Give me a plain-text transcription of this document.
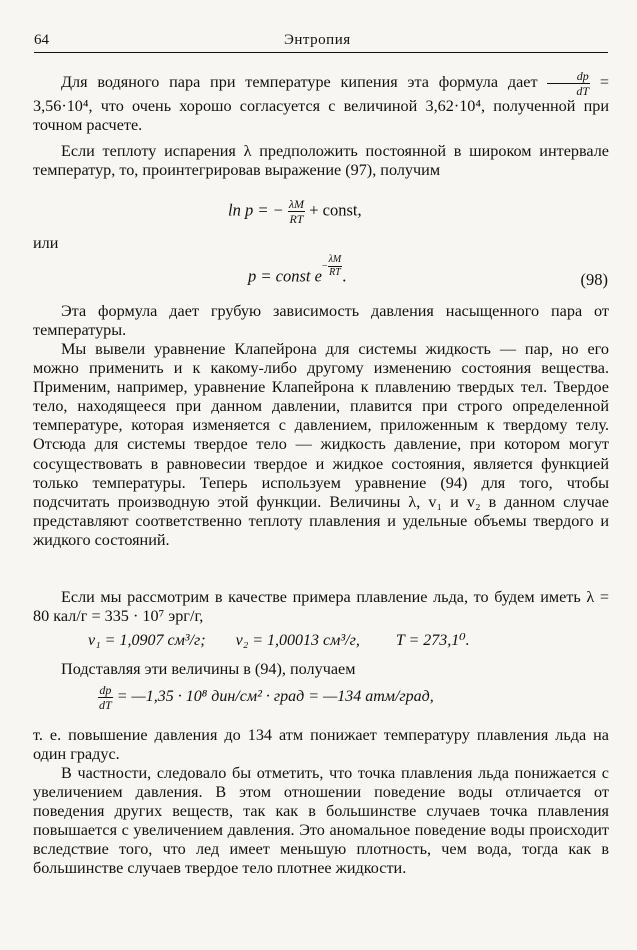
64	Энтропия

Для водяного пара при температуре кипения эта формула дает $\frac{dp}{dT} = 3,56\cdot 10^4$, что очень хорошо согласуется с величиной 3,62·10⁴, полученной при точном расчете.

Если теплоту испарения λ предположить постоянной в широком интервале температур, то, проинтегрировав выражение (97), получим

ln p = − $\frac{\lambda M}{RT}$ + const,

или

p = const $e^{- \frac{\lambda M}{RT}}$ .	(98)

Эта формула дает грубую зависимость давления насыщенного пара от температуры.

Мы вывели уравнение Клапейрона для системы жидкость — пар, но его можно применить и к какому-либо другому изменению состояния вещества. Применим, например, уравнение Клапейрона к плавлению твердых тел. Твердое тело, находящееся при данном давлении, плавится при строго определенной температуре, которая изменяется с давлением, приложенным к твердому телу. Отсюда для системы твердое тело — жидкость давление, при котором могут сосуществовать в равновесии твердое и жидкое состояния, является функцией только температуры. Теперь используем уравнение (94) для того, чтобы подсчитать производную этой функции. Величины λ, v₁ и v₂ в данном случае представляют соответственно теплоту плавления и удельные объемы твердого и жидкого состояний.

Если мы рассмотрим в качестве примера плавление льда, то будем иметь λ = 80 кал/г = 335 · 10⁷ эрг/г,

v₁ = 1,0907 см³/г; v₂ = 1,00013 см³/г, T = 273,1⁰.

Подставляя эти величины в (94), получаем

$\frac{dp}{dT}$ = —1,35 · 10⁸ дин/см² · град = —134 атм/град,

т. е. повышение давления до 134 атм понижает температуру плавления льда на один градус.

В частности, следовало бы отметить, что точка плавления льда понижается с увеличением давления. В этом отношении поведение воды отличается от поведения других веществ, так как в большинстве случаев точка плавления повышается с увеличением давления. Это аномальное поведение воды происходит вследствие того, что лед имеет меньшую плотность, чем вода, тогда как в большинстве случаев твердое тело плотнее жидкости.
